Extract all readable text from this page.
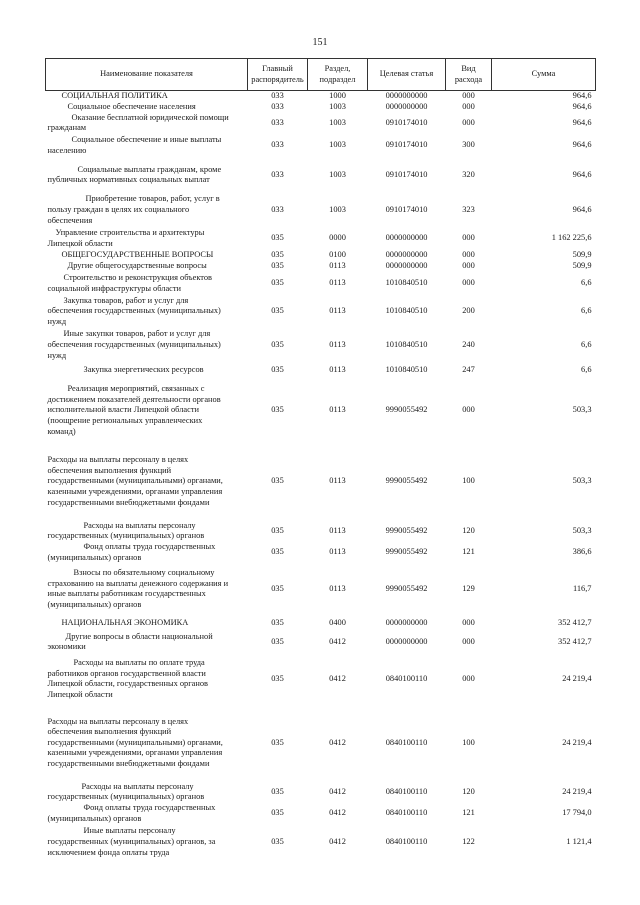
151
Наименование показателя	Главный распорядитель	Раздел, подраздел	Целевая статья	Вид расхода	Сумма

СОЦИАЛЬНАЯ ПОЛИТИКА	033	1000	0000000000	000	964,6

Социальное обеспечение населения	033	1003	0000000000	000	964,6

Оказание бесплатной юридической помощи
гражданам	033	1003	0910174010	000	964,6

Социальное обеспечение и иные выплаты
населению	033	1003	0910174010	300	964,6

Социальные выплаты гражданам, кроме
публичных нормативных социальных выплат	033	1003	0910174010	320	964,6

Приобретение товаров, работ, услуг в
пользу граждан в целях их социального
обеспечения	033	1003	0910174010	323	964,6

Управление строительства и архитектуры
Липецкой области	035	0000	0000000000	000	1 162 225,6

ОБЩЕГОСУДАРСТВЕННЫЕ ВОПРОСЫ	035	0100	0000000000	000	509,9

Другие общегосударственные вопросы	035	0113	0000000000	000	509,9

Строительство и реконструкция объектов
социальной инфраструктуры области	035	0113	1010840510	000	6,6

Закупка товаров, работ и услуг для
обеспечения государственных (муниципальных)
нужд	035	0113	1010840510	200	6,6

Иные закупки товаров, работ и услуг для
обеспечения государственных (муниципальных)
нужд	035	0113	1010840510	240	6,6

Закупка энергетических ресурсов	035	0113	1010840510	247	6,6

Реализация мероприятий, связанных с
достижением показателей деятельности органов
исполнительной власти Липецкой области
(поощрение региональных управленческих
команд)	035	0113	9990055492	000	503,3

Расходы на выплаты персоналу в целях
обеспечения выполнения функций
государственными (муниципальными) органами,
казенными учреждениями, органами управления
государственными внебюджетными фондами	035	0113	9990055492	100	503,3

Расходы на выплаты персоналу
государственных (муниципальных) органов	035	0113	9990055492	120	503,3

Фонд оплаты труда государственных
(муниципальных) органов	035	0113	9990055492	121	386,6

Взносы по обязательному социальному
страхованию на выплаты денежного содержания и
иные выплаты работникам государственных
(муниципальных) органов	035	0113	9990055492	129	116,7

НАЦИОНАЛЬНАЯ ЭКОНОМИКА	035	0400	0000000000	000	352 412,7

Другие вопросы в области национальной
экономики	035	0412	0000000000	000	352 412,7

Расходы на выплаты по оплате труда
работников органов государственной власти
Липецкой области, государственных органов
Липецкой области	035	0412	0840100110	000	24 219,4

Расходы на выплаты персоналу в целях
обеспечения выполнения функций
государственными (муниципальными) органами,
казенными учреждениями, органами управления
государственными внебюджетными фондами	035	0412	0840100110	100	24 219,4

Расходы на выплаты персоналу
государственных (муниципальных) органов	035	0412	0840100110	120	24 219,4

Фонд оплаты труда государственных
(муниципальных) органов	035	0412	0840100110	121	17 794,0

Иные выплаты персоналу
государственных (муниципальных) органов, за
исключением фонда оплаты труда	035	0412	0840100110	122	1 121,4
